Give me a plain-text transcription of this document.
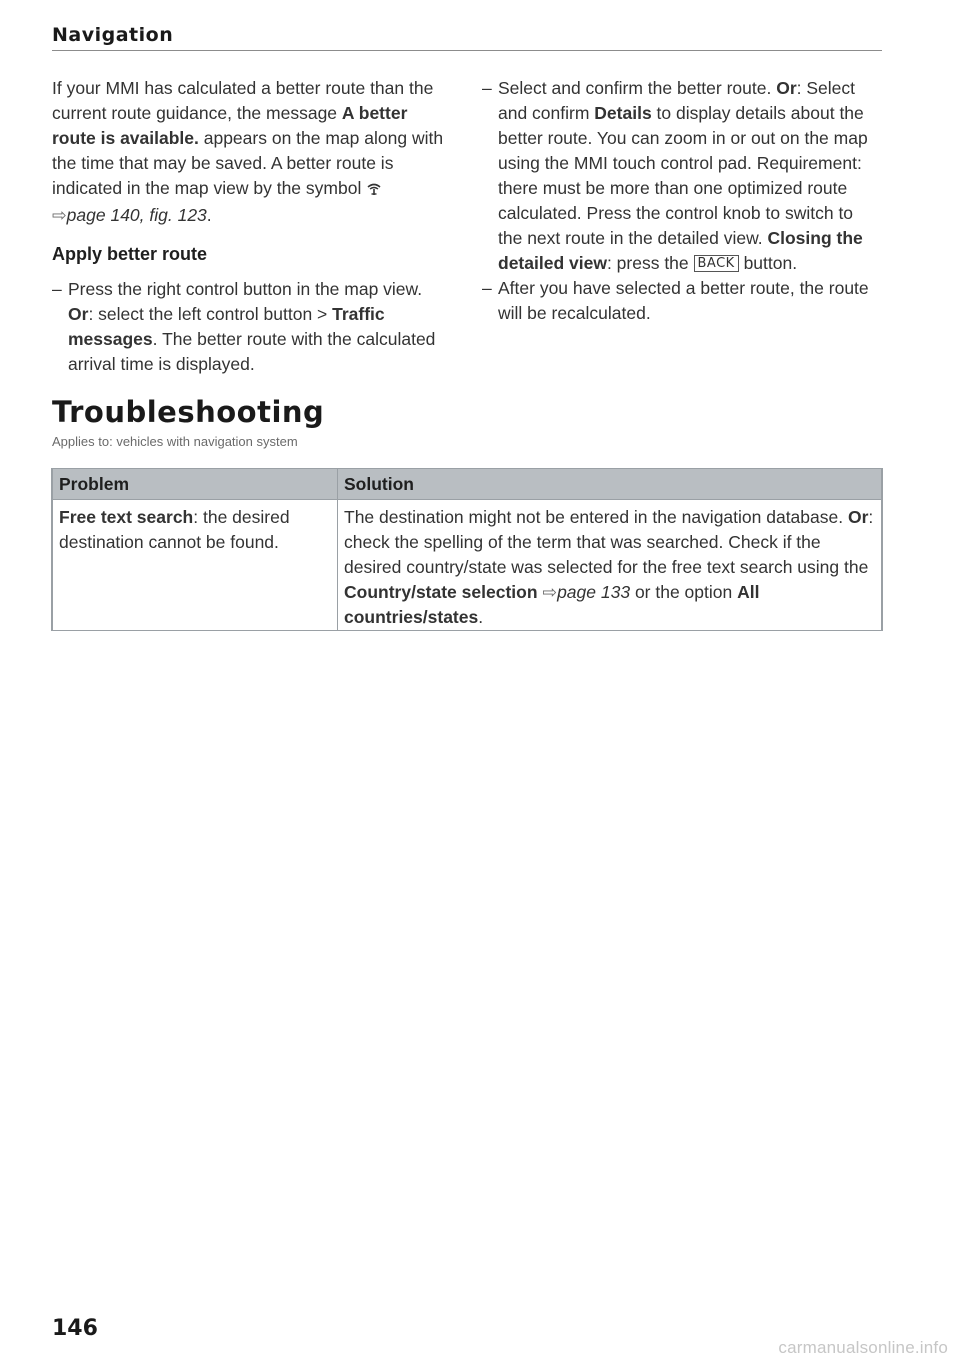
Navigation

If your MMI has calculated a better route than the current route guidance, the message A better route is available. appears on the map along with the time that may be saved. A better route is indicated in the map view by the symbol
⇨page 140, fig. 123.

Apply better route
– Press the right control button in the map view. Or: select the left control button > Traffic messages. The better route with the calculated arrival time is displayed.
– Select and confirm the better route. Or: Select and confirm Details to display details about the better route. You can zoom in or out on the map using the MMI touch control pad. Requirement: there must be more than one optimized route calculated. Press the control knob to switch to the next route in the detailed view. Closing the detailed view: press the BACK button.
– After you have selected a better route, the route will be recalculated.
Troubleshooting
Applies to: vehicles with navigation system
Problem	Solution
Free text search: the desired destination cannot be found.	The destination might not be entered in the navigation database. Or: check the spelling of the term that was searched. Check if the desired country/state was selected for the free text search using the Country/state selection ⇨page 133 or the option All countries/states.
146
carmanualsonline.info
